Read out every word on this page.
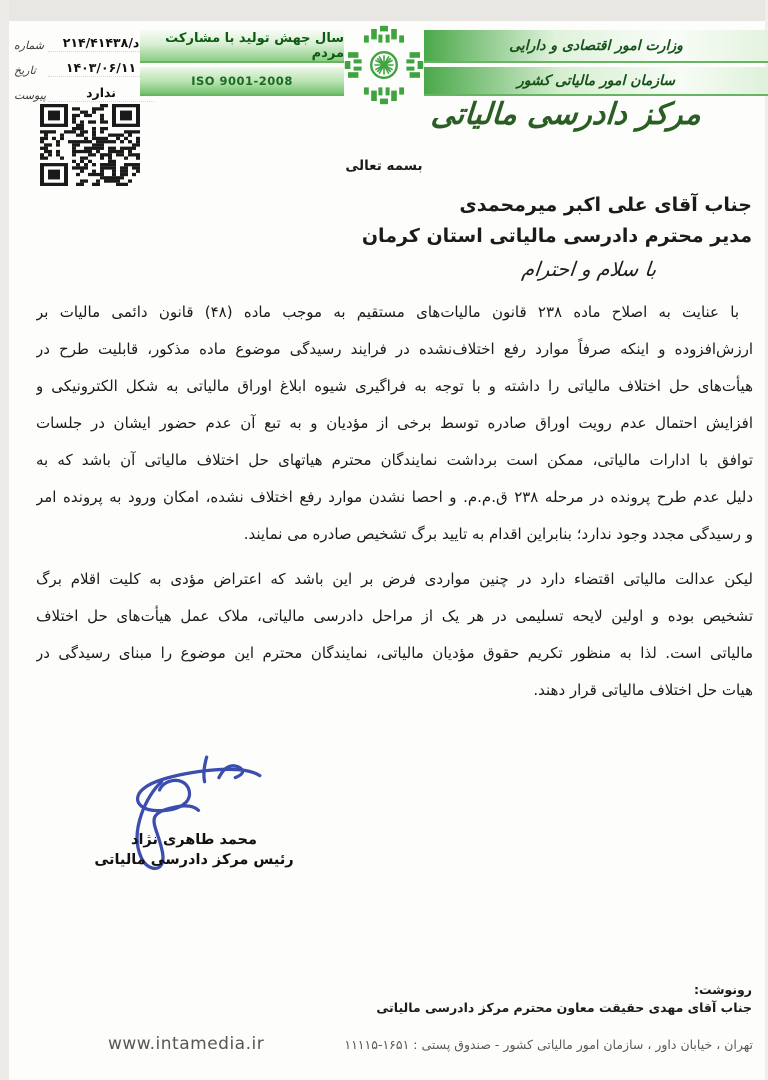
د/۲۱۴/۴۱۴۳۸
شماره
۱۴۰۳/۰۶/۱۱
تاریخ
ندارد
پیوست
سال جهش تولید با مشارکت مردم
ISO 9001-2008
وزارت امور اقتصادی و دارایی
سازمان امور مالیاتی کشور
مرکز دادرسی مالیاتی
بسمه تعالی
جناب آقای علی اکبر میرمحمدی
مدیر محترم دادرسی مالیاتی استان کرمان
با سلام و احترام
با عنایت به اصلاح ماده ۲۳۸ قانون مالیات‌های مستقیم به موجب ماده (۴۸) قانون دائمی مالیات بر
ارزش‌افزوده و اینکه صرفاً موارد رفع اختلاف‌نشده در فرایند رسیدگی موضوع ماده مذکور، قابلیت طرح در
هیأت‌های حل اختلاف مالیاتی را داشته و با توجه به فراگیری شیوه ابلاغ اوراق مالیاتی به شکل الکترونیکی و
افزایش احتمال عدم رویت اوراق صادره توسط برخی از مؤدیان و به تبع آن عدم حضور ایشان در جلسات
توافق با ادارات مالیاتی، ممکن است برداشت نمایندگان محترم هیاتهای حل اختلاف مالیاتی آن باشد که به
دلیل عدم طرح پرونده در مرحله ۲۳۸ ق.م.م. و احصا نشدن موارد رفع اختلاف نشده، امکان ورود به پرونده امر
و رسیدگی مجدد وجود ندارد؛ بنابراین اقدام به تایید برگ تشخیص صادره می نمایند.
لیکن عدالت مالیاتی اقتضاء دارد در چنین مواردی فرض بر این باشد که اعتراض مؤدی به کلیت اقلام برگ
تشخیص بوده و اولین لایحه تسلیمی در هر یک از مراحل دادرسی مالیاتی، ملاک عمل هیأت‌های حل اختلاف
مالیاتی است. لذا به منظور تکریم حقوق مؤدیان مالیاتی، نمایندگان محترم این موضوع را مبنای رسیدگی در
هیات حل اختلاف مالیاتی قرار دهند.
محمد طاهری نژاد
رئیس مرکز دادرسی مالیاتی
رونوشت:
جناب آقای مهدی حقیقت معاون محترم مرکز دادرسی مالیاتی
تهران ، خیابان داور ، سازمان امور مالیاتی کشور - صندوق پستی : ۱۶۵۱-۱۱۱۱۵
www.intamedia.ir
